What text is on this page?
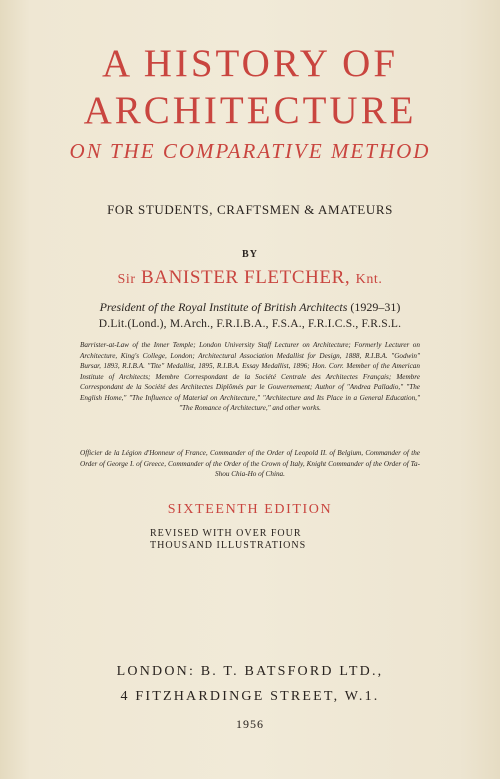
A HISTORY OF
ARCHITECTURE
ON THE COMPARATIVE METHOD
FOR STUDENTS, CRAFTSMEN & AMATEURS
BY
Sir BANISTER FLETCHER, Knt.
President of the Royal Institute of British Architects (1929–31)
D.Lit.(Lond.), M.Arch., F.R.I.B.A., F.S.A., F.R.I.C.S., F.R.S.L.
Barrister-at-Law of the Inner Temple; London University Staff Lecturer on Architecture; Formerly Lecturer on Architecture, King's College, London; Architectural Association Medallist for Design, 1888, R.I.B.A. "Godwin" Bursar, 1893, R.I.B.A. "Tite" Medallist, 1895, R.I.B.A. Essay Medallist, 1896; Hon. Corr. Member of the American Institute of Architects; Membre Correspondant de la Société Centrale des Architectes Français; Membre Correspondant de la Société des Architectes Diplômés par le Gouvernement; Author of "Andrea Palladio," "The English Home," "The Influence of Material on Architecture," "Architecture and Its Place in a General Education," "The Romance of Architecture," and other works.
Officier de la Légion d'Honneur of France, Commander of the Order of Leopold II. of Belgium, Commander of the Order of George I. of Greece, Commander of the Order of the Crown of Italy, Knight Commander of the Order of Ta-Shou Chia-Ho of China.
SIXTEENTH EDITION
REVISED WITH OVER FOUR
THOUSAND ILLUSTRATIONS
LONDON: B. T. BATSFORD LTD.,
4 FITZHARDINGE STREET, W.1.
1956
